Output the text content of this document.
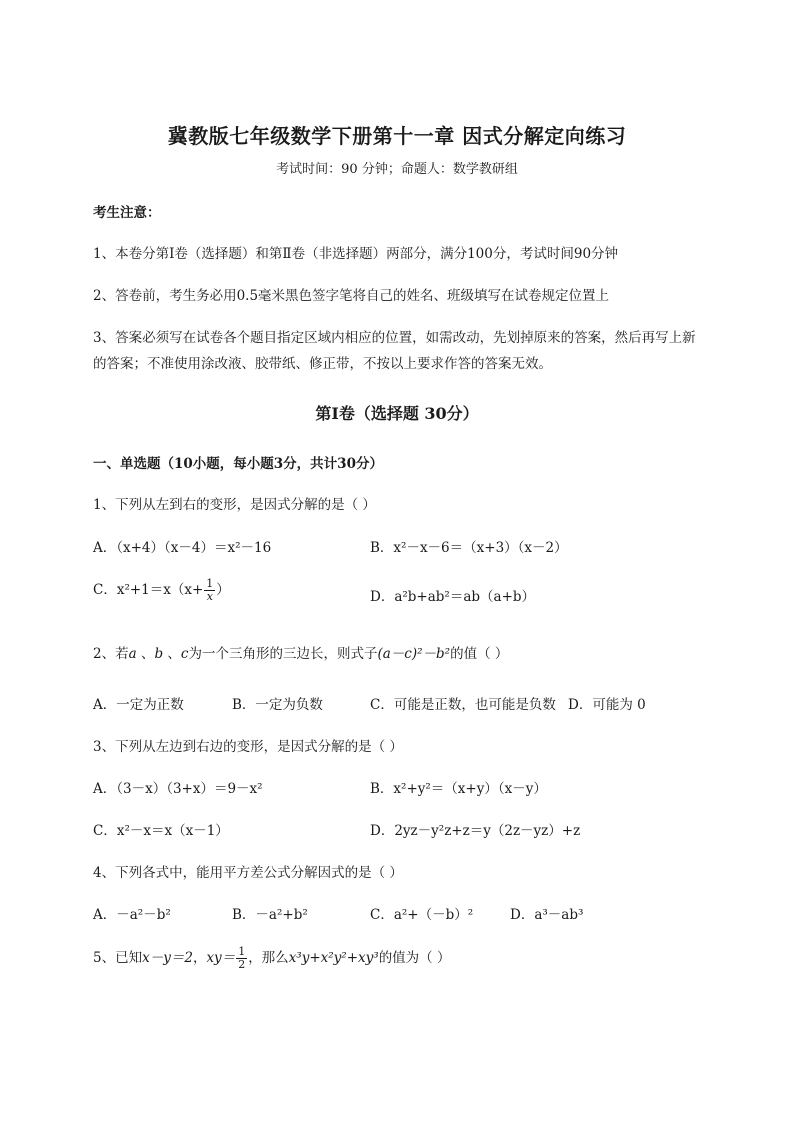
冀教版七年级数学下册第十一章 因式分解定向练习
考试时间：90 分钟；命题人：数学教研组
考生注意：
1、本卷分第I卷（选择题）和第Ⅱ卷（非选择题）两部分，满分100分，考试时间90分钟
2、答卷前，考生务必用0.5毫米黑色签字笔将自己的姓名、班级填写在试卷规定位置上
3、答案必须写在试卷各个题目指定区域内相应的位置，如需改动，先划掉原来的答案，然后再写上新
的答案；不准使用涂改液、胶带纸、修正带，不按以上要求作答的答案无效。
第I卷（选择题 30分）
一、单选题（10小题，每小题3分，共计30分）
1、下列从左到右的变形，是因式分解的是（ ）
A．（x+4）（x－4）＝x²－16	B．x²－x－6＝（x+3）（x－2）
C．$x^2+1=x(x+ \frac{1}{x}$ ）	D．a²b+ab²＝ab（a+b）
2、若a 、b 、c为一个三角形的三边长，则式子(a－c)²－b²的值（ ）
A．一定为正数	B．一定为负数	C．可能是正数，也可能是负数 D．可能为 0
3、下列从左边到右边的变形，是因式分解的是（ ）
A．（3－x）（3+x）＝9－x²	B．x²+y²＝（x+y）（x－y）
C．x²－x＝x（x－1）	D．2yz－y²z+z＝y（2z－yz）+z
4、下列各式中，能用平方差公式分解因式的是（ ）
A．－a²－b²	B．－a²+b²	C．a²+（－b）²	D．a³－ab³
5、已知x－y＝2，$xy= \frac{1}{2}$ ，那么x³y+x²y²+xy³的值为（ ）
